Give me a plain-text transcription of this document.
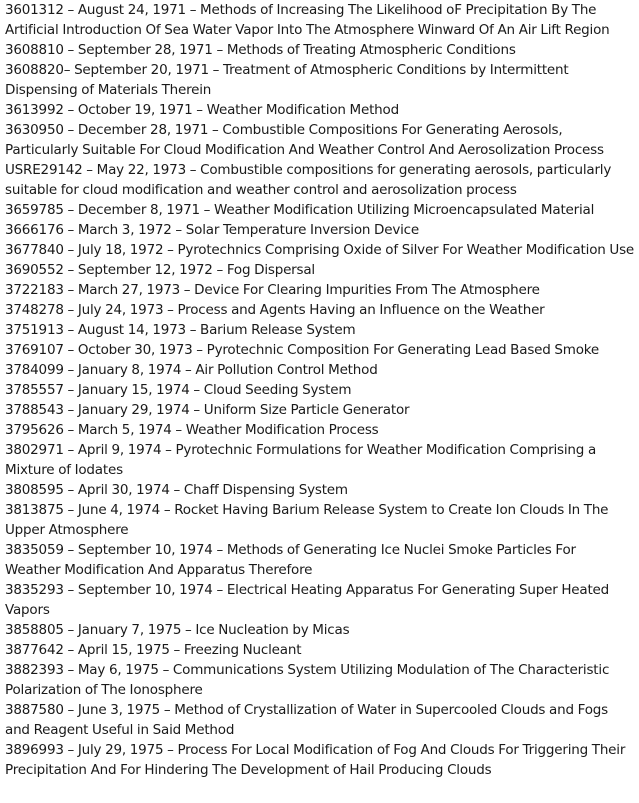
3601312 – August 24, 1971 – Methods of Increasing The Likelihood oF Precipitation By The Artificial Introduction Of Sea Water Vapor Into The Atmosphere Winward Of An Air Lift Region
3608810 – September 28, 1971 – Methods of Treating Atmospheric Conditions
3608820– September 20, 1971 – Treatment of Atmospheric Conditions by Intermittent Dispensing of Materials Therein
3613992 – October 19, 1971 – Weather Modification Method
3630950 – December 28, 1971 – Combustible Compositions For Generating Aerosols, Particularly Suitable For Cloud Modification And Weather Control And Aerosolization Process
USRE29142 – May 22, 1973 – Combustible compositions for generating aerosols, particularly suitable for cloud modification and weather control and aerosolization process
3659785 – December 8, 1971 – Weather Modification Utilizing Microencapsulated Material
3666176 – March 3, 1972 – Solar Temperature Inversion Device
3677840 – July 18, 1972 – Pyrotechnics Comprising Oxide of Silver For Weather Modification Use
3690552 – September 12, 1972 – Fog Dispersal
3722183 – March 27, 1973 – Device For Clearing Impurities From The Atmosphere
3748278 – July 24, 1973 – Process and Agents Having an Influence on the Weather
3751913 – August 14, 1973 – Barium Release System
3769107 – October 30, 1973 – Pyrotechnic Composition For Generating Lead Based Smoke
3784099 – January 8, 1974 – Air Pollution Control Method
3785557 – January 15, 1974 – Cloud Seeding System
3788543 – January 29, 1974 – Uniform Size Particle Generator
3795626 – March 5, 1974 – Weather Modification Process
3802971 – April 9, 1974 – Pyrotechnic Formulations for Weather Modification Comprising a Mixture of Iodates
3808595 – April 30, 1974 – Chaff Dispensing System
3813875 – June 4, 1974 – Rocket Having Barium Release System to Create Ion Clouds In The Upper Atmosphere
3835059 – September 10, 1974 – Methods of Generating Ice Nuclei Smoke Particles For Weather Modification And Apparatus Therefore
3835293 – September 10, 1974 – Electrical Heating Apparatus For Generating Super Heated Vapors
3858805 – January 7, 1975 – Ice Nucleation by Micas
3877642 – April 15, 1975 – Freezing Nucleant
3882393 – May 6, 1975 – Communications System Utilizing Modulation of The Characteristic Polarization of The Ionosphere
3887580 – June 3, 1975 – Method of Crystallization of Water in Supercooled Clouds and Fogs and Reagent Useful in Said Method
3896993 – July 29, 1975 – Process For Local Modification of Fog And Clouds For Triggering Their Precipitation And For Hindering The Development of Hail Producing Clouds
